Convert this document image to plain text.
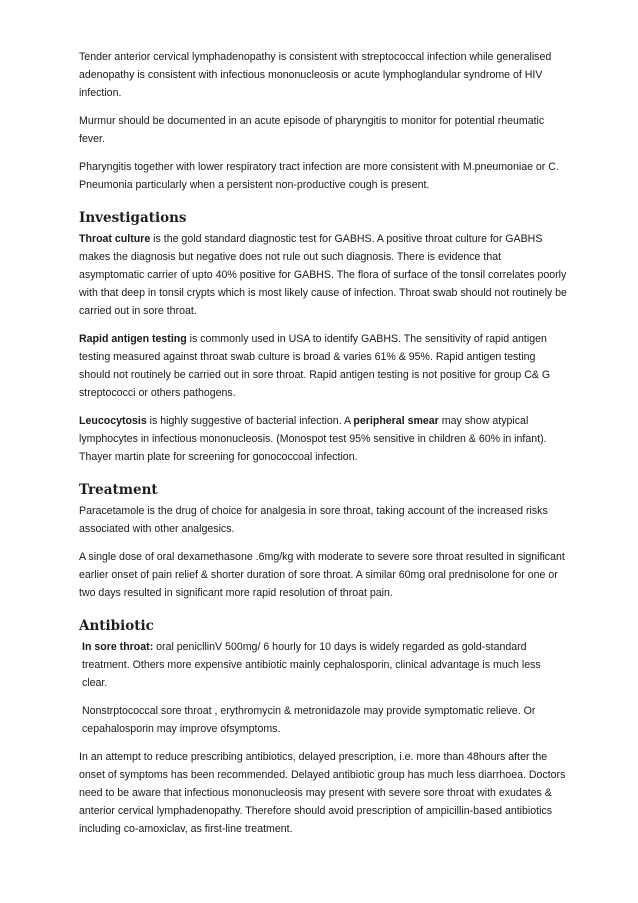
Tender anterior cervical lymphadenopathy is consistent with streptococcal infection while generalised adenopathy is consistent with infectious mononucleosis or acute lymphoglandular syndrome of HIV infection.

Murmur should be documented in an acute episode of pharyngitis to monitor for potential rheumatic fever.

Pharyngitis together with lower respiratory tract infection are more consistent with M.pneumoniae or C. Pneumonia particularly when a persistent non-productive cough is present.

Investigations

Throat culture is the gold standard diagnostic test for GABHS. A positive throat culture for GABHS makes the diagnosis but negative does not rule out such diagnosis. There is evidence that asymptomatic carrier of upto 40% positive for GABHS. The flora of surface of the tonsil correlates poorly with that deep in tonsil crypts which is most likely cause of infection. Throat swab should not routinely be carried out in sore throat.

Rapid antigen testing is commonly used in USA to identify GABHS. The sensitivity of rapid antigen testing measured against throat swab culture is broad & varies 61% & 95%. Rapid antigen testing should not routinely be carried out in sore throat. Rapid antigen testing is not positive for group C& G streptococci or others pathogens.

Leucocytosis is highly suggestive of bacterial infection. A peripheral smear may show atypical lymphocytes in infectious mononucleosis. (Monospot test 95% sensitive in children & 60% in infant). Thayer martin plate for screening for gonococcoal infection.

Treatment

Paracetamole is the drug of choice for analgesia in sore throat, taking account of the increased risks associated with other analgesics.

A single dose of oral dexamethasone .6mg/kg with moderate to severe sore throat resulted in significant earlier onset of pain relief & shorter duration of sore throat. A similar 60mg oral prednisolone for one or two days resulted in significant more rapid resolution of throat pain.

Antibiotic

In sore throat: oral penicllinV 500mg/ 6 hourly for 10 days is widely regarded as gold-standard treatment. Others more expensive antibiotic mainly cephalosporin, clinical advantage is much less clear.

Nonstrptococcal sore throat , erythromycin & metronidazole may provide symptomatic relieve. Or cepahalosporin may improve ofsymptoms.

In an attempt to reduce prescribing antibiotics, delayed prescription, i.e. more than 48hours after the onset of symptoms has been recommended. Delayed antibiotic group has much less diarrhoea. Doctors need to be aware that infectious mononucleosis may present with severe sore throat with exudates & anterior cervical lymphadenopathy. Therefore should avoid prescription of ampicillin-based antibiotics including co-amoxiclav, as first-line treatment.
